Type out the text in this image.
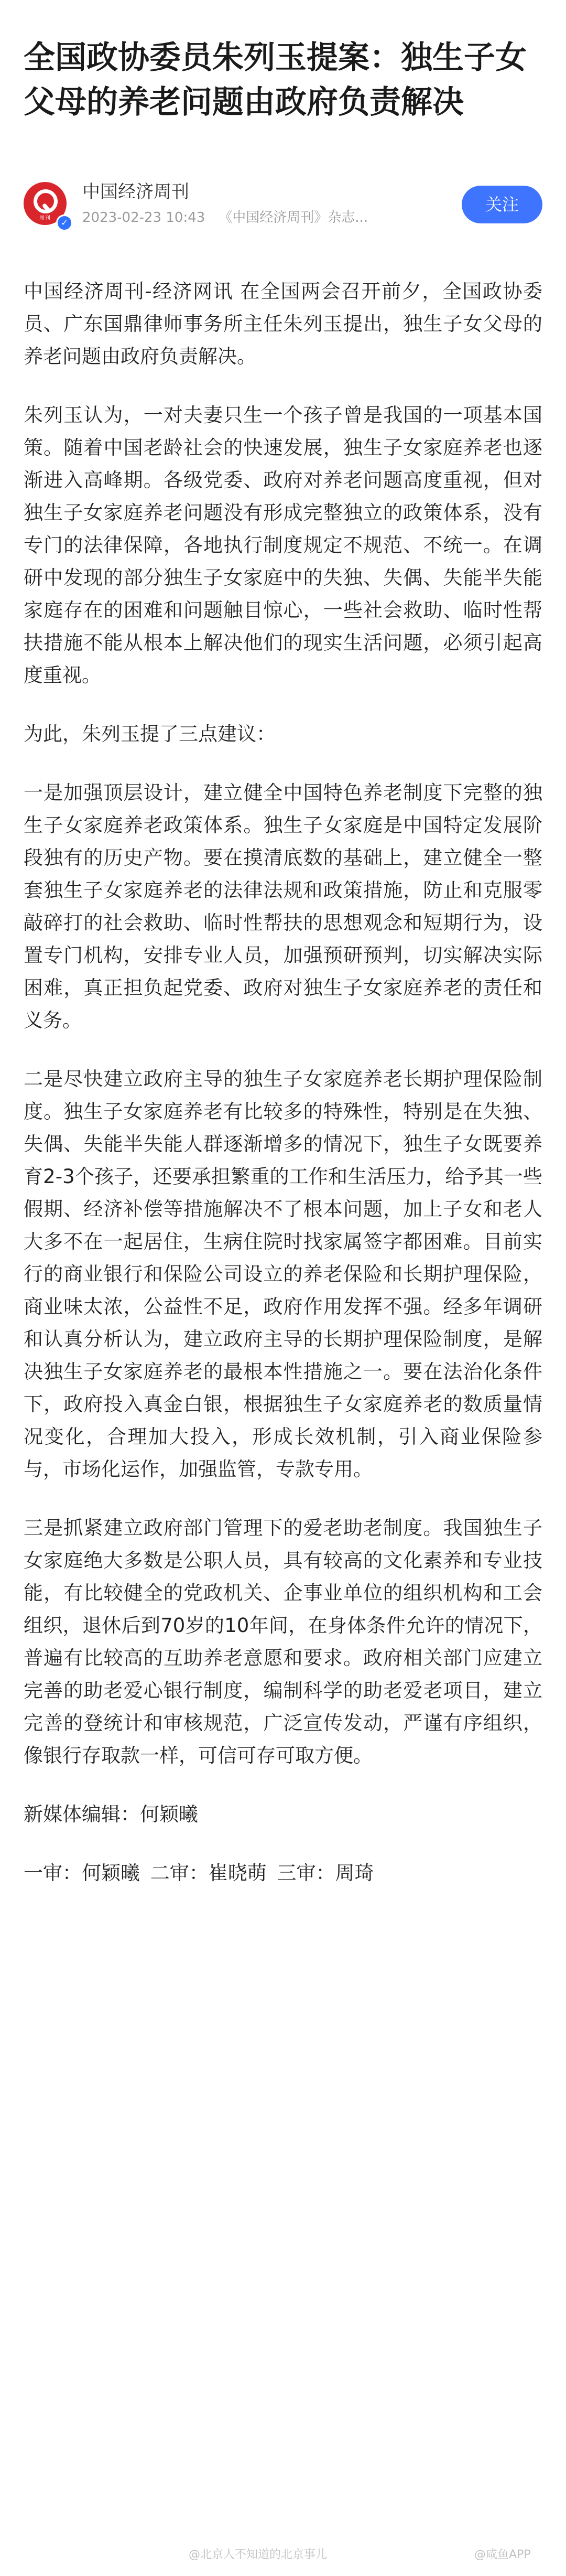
全国政协委员朱列玉提案：独生子女父母的养老问题由政府负责解决
周刊	✓
中国经济周刊
2023-02-23 10:43 《中国经济周刊》杂志...
关注

中国经济周刊-经济网讯 在全国两会召开前夕，全国政协委员、广东国鼎律师事务所主任朱列玉提出，独生子女父母的养老问题由政府负责解决。

朱列玉认为，一对夫妻只生一个孩子曾是我国的一项基本国策。随着中国老龄社会的快速发展，独生子女家庭养老也逐渐进入高峰期。各级党委、政府对养老问题高度重视，但对独生子女家庭养老问题没有形成完整独立的政策体系，没有专门的法律保障，各地执行制度规定不规范、不统一。在调研中发现的部分独生子女家庭中的失独、失偶、失能半失能家庭存在的困难和问题触目惊心，一些社会救助、临时性帮扶措施不能从根本上解决他们的现实生活问题，必须引起高度重视。

为此，朱列玉提了三点建议：

一是加强顶层设计，建立健全中国特色养老制度下完整的独生子女家庭养老政策体系。独生子女家庭是中国特定发展阶段独有的历史产物。要在摸清底数的基础上，建立健全一整套独生子女家庭养老的法律法规和政策措施，防止和克服零敲碎打的社会救助、临时性帮扶的思想观念和短期行为，设置专门机构，安排专业人员，加强预研预判，切实解决实际困难，真正担负起党委、政府对独生子女家庭养老的责任和义务。

二是尽快建立政府主导的独生子女家庭养老长期护理保险制度。独生子女家庭养老有比较多的特殊性，特别是在失独、失偶、失能半失能人群逐渐增多的情况下，独生子女既要养育2-3个孩子，还要承担繁重的工作和生活压力，给予其一些假期、经济补偿等措施解决不了根本问题，加上子女和老人大多不在一起居住，生病住院时找家属签字都困难。目前实行的商业银行和保险公司设立的养老保险和长期护理保险，商业味太浓，公益性不足，政府作用发挥不强。经多年调研和认真分析认为，建立政府主导的长期护理保险制度，是解决独生子女家庭养老的最根本性措施之一。要在法治化条件下，政府投入真金白银，根据独生子女家庭养老的数质量情况变化，合理加大投入，形成长效机制，引入商业保险参与，市场化运作，加强监管，专款专用。

三是抓紧建立政府部门管理下的爱老助老制度。我国独生子女家庭绝大多数是公职人员，具有较高的文化素养和专业技能，有比较健全的党政机关、企事业单位的组织机构和工会组织，退休后到70岁的10年间，在身体条件允许的情况下，普遍有比较高的互助养老意愿和要求。政府相关部门应建立完善的助老爱心银行制度，编制科学的助老爱老项目，建立完善的登统计和审核规范，广泛宣传发动，严谨有序组织，像银行存取款一样，可信可存可取方便。

新媒体编辑：何颖曦

一审：何颖曦 二审：崔晓萌 三审：周琦

@北京人不知道的北京事儿	@咸鱼APP
